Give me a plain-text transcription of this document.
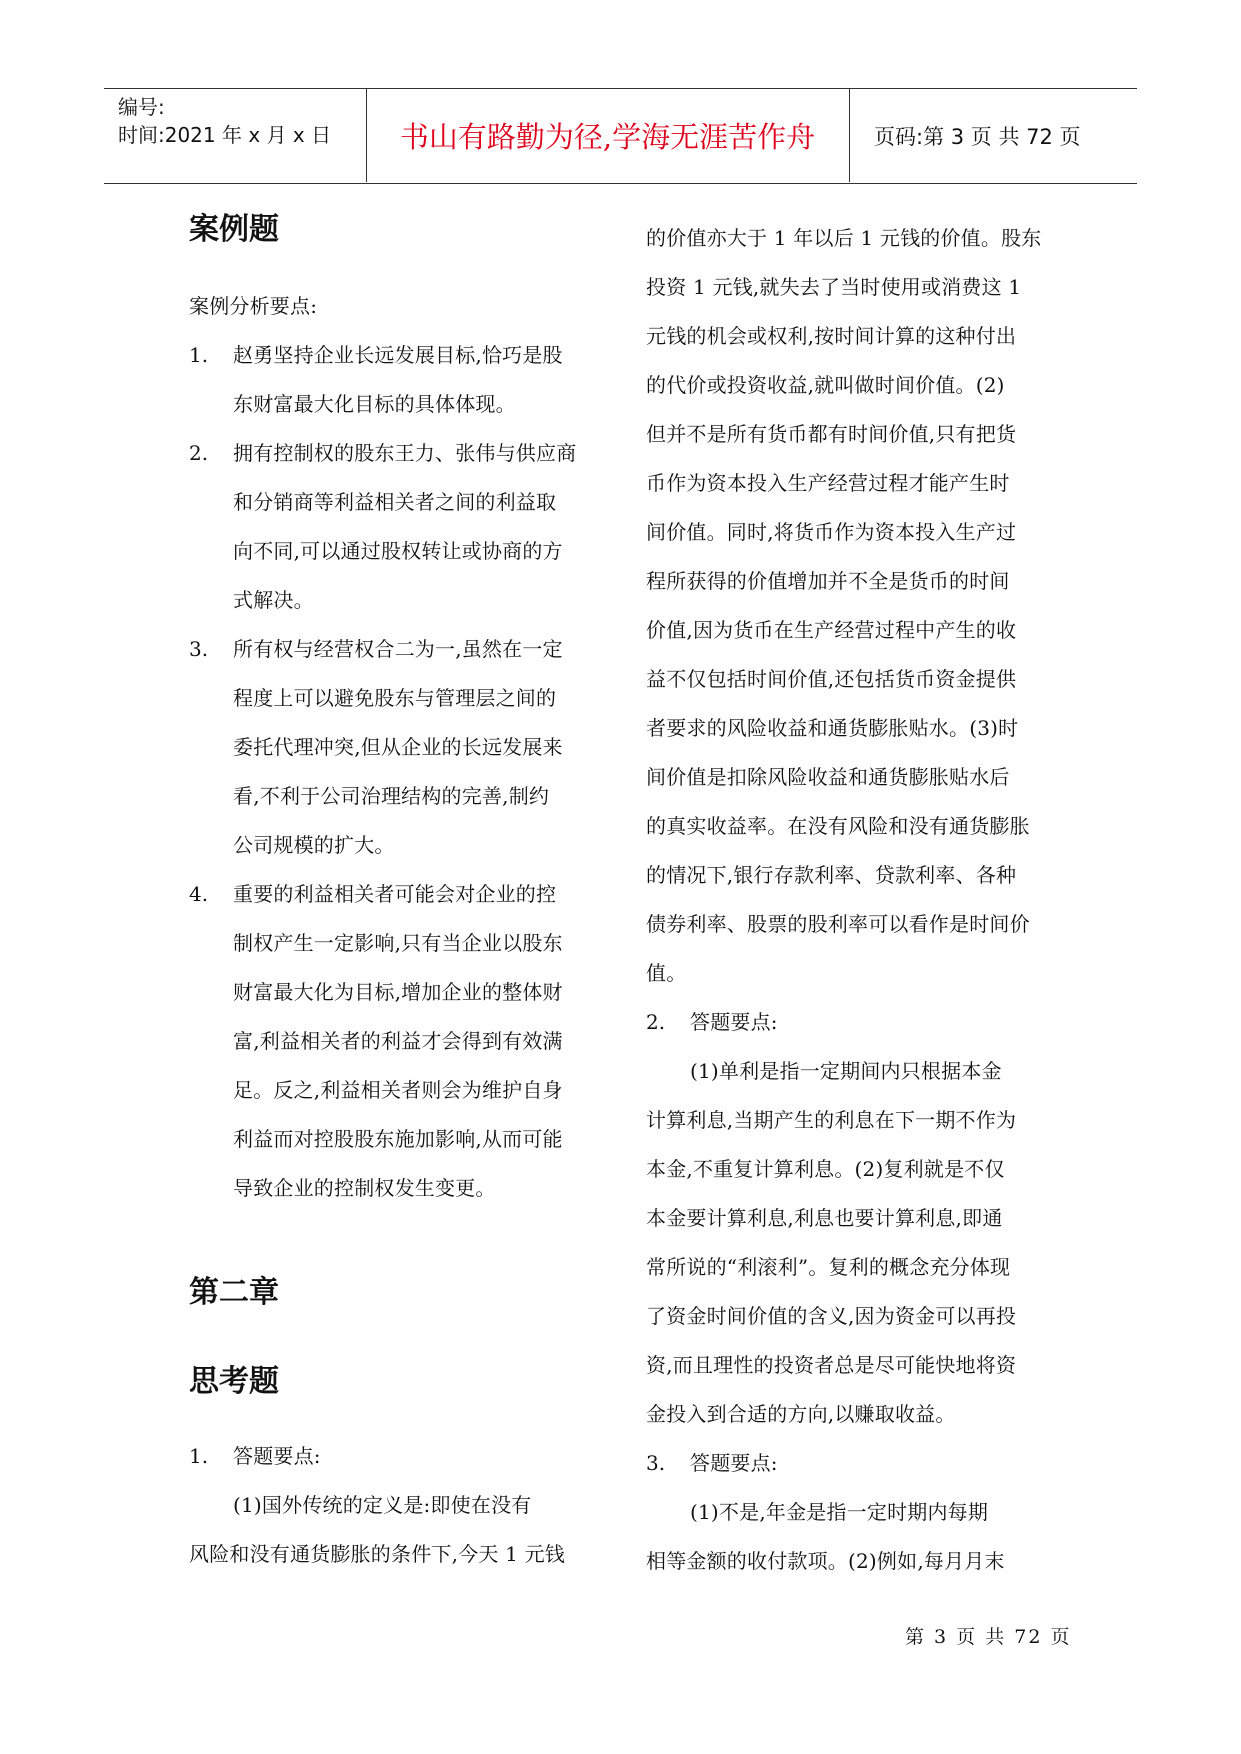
编号:
时间:2021 年 x 月 x 日	书山有路勤为径,学海无涯苦作舟	页码:第 3 页 共 72 页
案例题
案例分析要点:
1. 赵勇坚持企业长远发展目标,恰巧是股
东财富最大化目标的具体体现。
2. 拥有控制权的股东王力、张伟与供应商
和分销商等利益相关者之间的利益取
向不同,可以通过股权转让或协商的方
式解决。
3. 所有权与经营权合二为一,虽然在一定
程度上可以避免股东与管理层之间的
委托代理冲突,但从企业的长远发展来
看,不利于公司治理结构的完善,制约
公司规模的扩大。
4. 重要的利益相关者可能会对企业的控
制权产生一定影响,只有当企业以股东
财富最大化为目标,增加企业的整体财
富,利益相关者的利益才会得到有效满
足。反之,利益相关者则会为维护自身
利益而对控股股东施加影响,从而可能
导致企业的控制权发生变更。
第二章
思考题
1. 答题要点:
(1)国外传统的定义是:即使在没有
风险和没有通货膨胀的条件下,今天 1 元钱
的价值亦大于 1 年以后 1 元钱的价值。股东
投资 1 元钱,就失去了当时使用或消费这 1
元钱的机会或权利,按时间计算的这种付出
的代价或投资收益,就叫做时间价值。(2)
但并不是所有货币都有时间价值,只有把货
币作为资本投入生产经营过程才能产生时
间价值。同时,将货币作为资本投入生产过
程所获得的价值增加并不全是货币的时间
价值,因为货币在生产经营过程中产生的收
益不仅包括时间价值,还包括货币资金提供
者要求的风险收益和通货膨胀贴水。(3)时
间价值是扣除风险收益和通货膨胀贴水后
的真实收益率。在没有风险和没有通货膨胀
的情况下,银行存款利率、贷款利率、各种
债券利率、股票的股利率可以看作是时间价
值。
2. 答题要点:
(1)单利是指一定期间内只根据本金
计算利息,当期产生的利息在下一期不作为
本金,不重复计算利息。(2)复利就是不仅
本金要计算利息,利息也要计算利息,即通
常所说的“利滚利”。复利的概念充分体现
了资金时间价值的含义,因为资金可以再投
资,而且理性的投资者总是尽可能快地将资
金投入到合适的方向,以赚取收益。
3. 答题要点:
(1)不是,年金是指一定时期内每期
相等金额的收付款项。(2)例如,每月月末
第 3 页 共 72 页
